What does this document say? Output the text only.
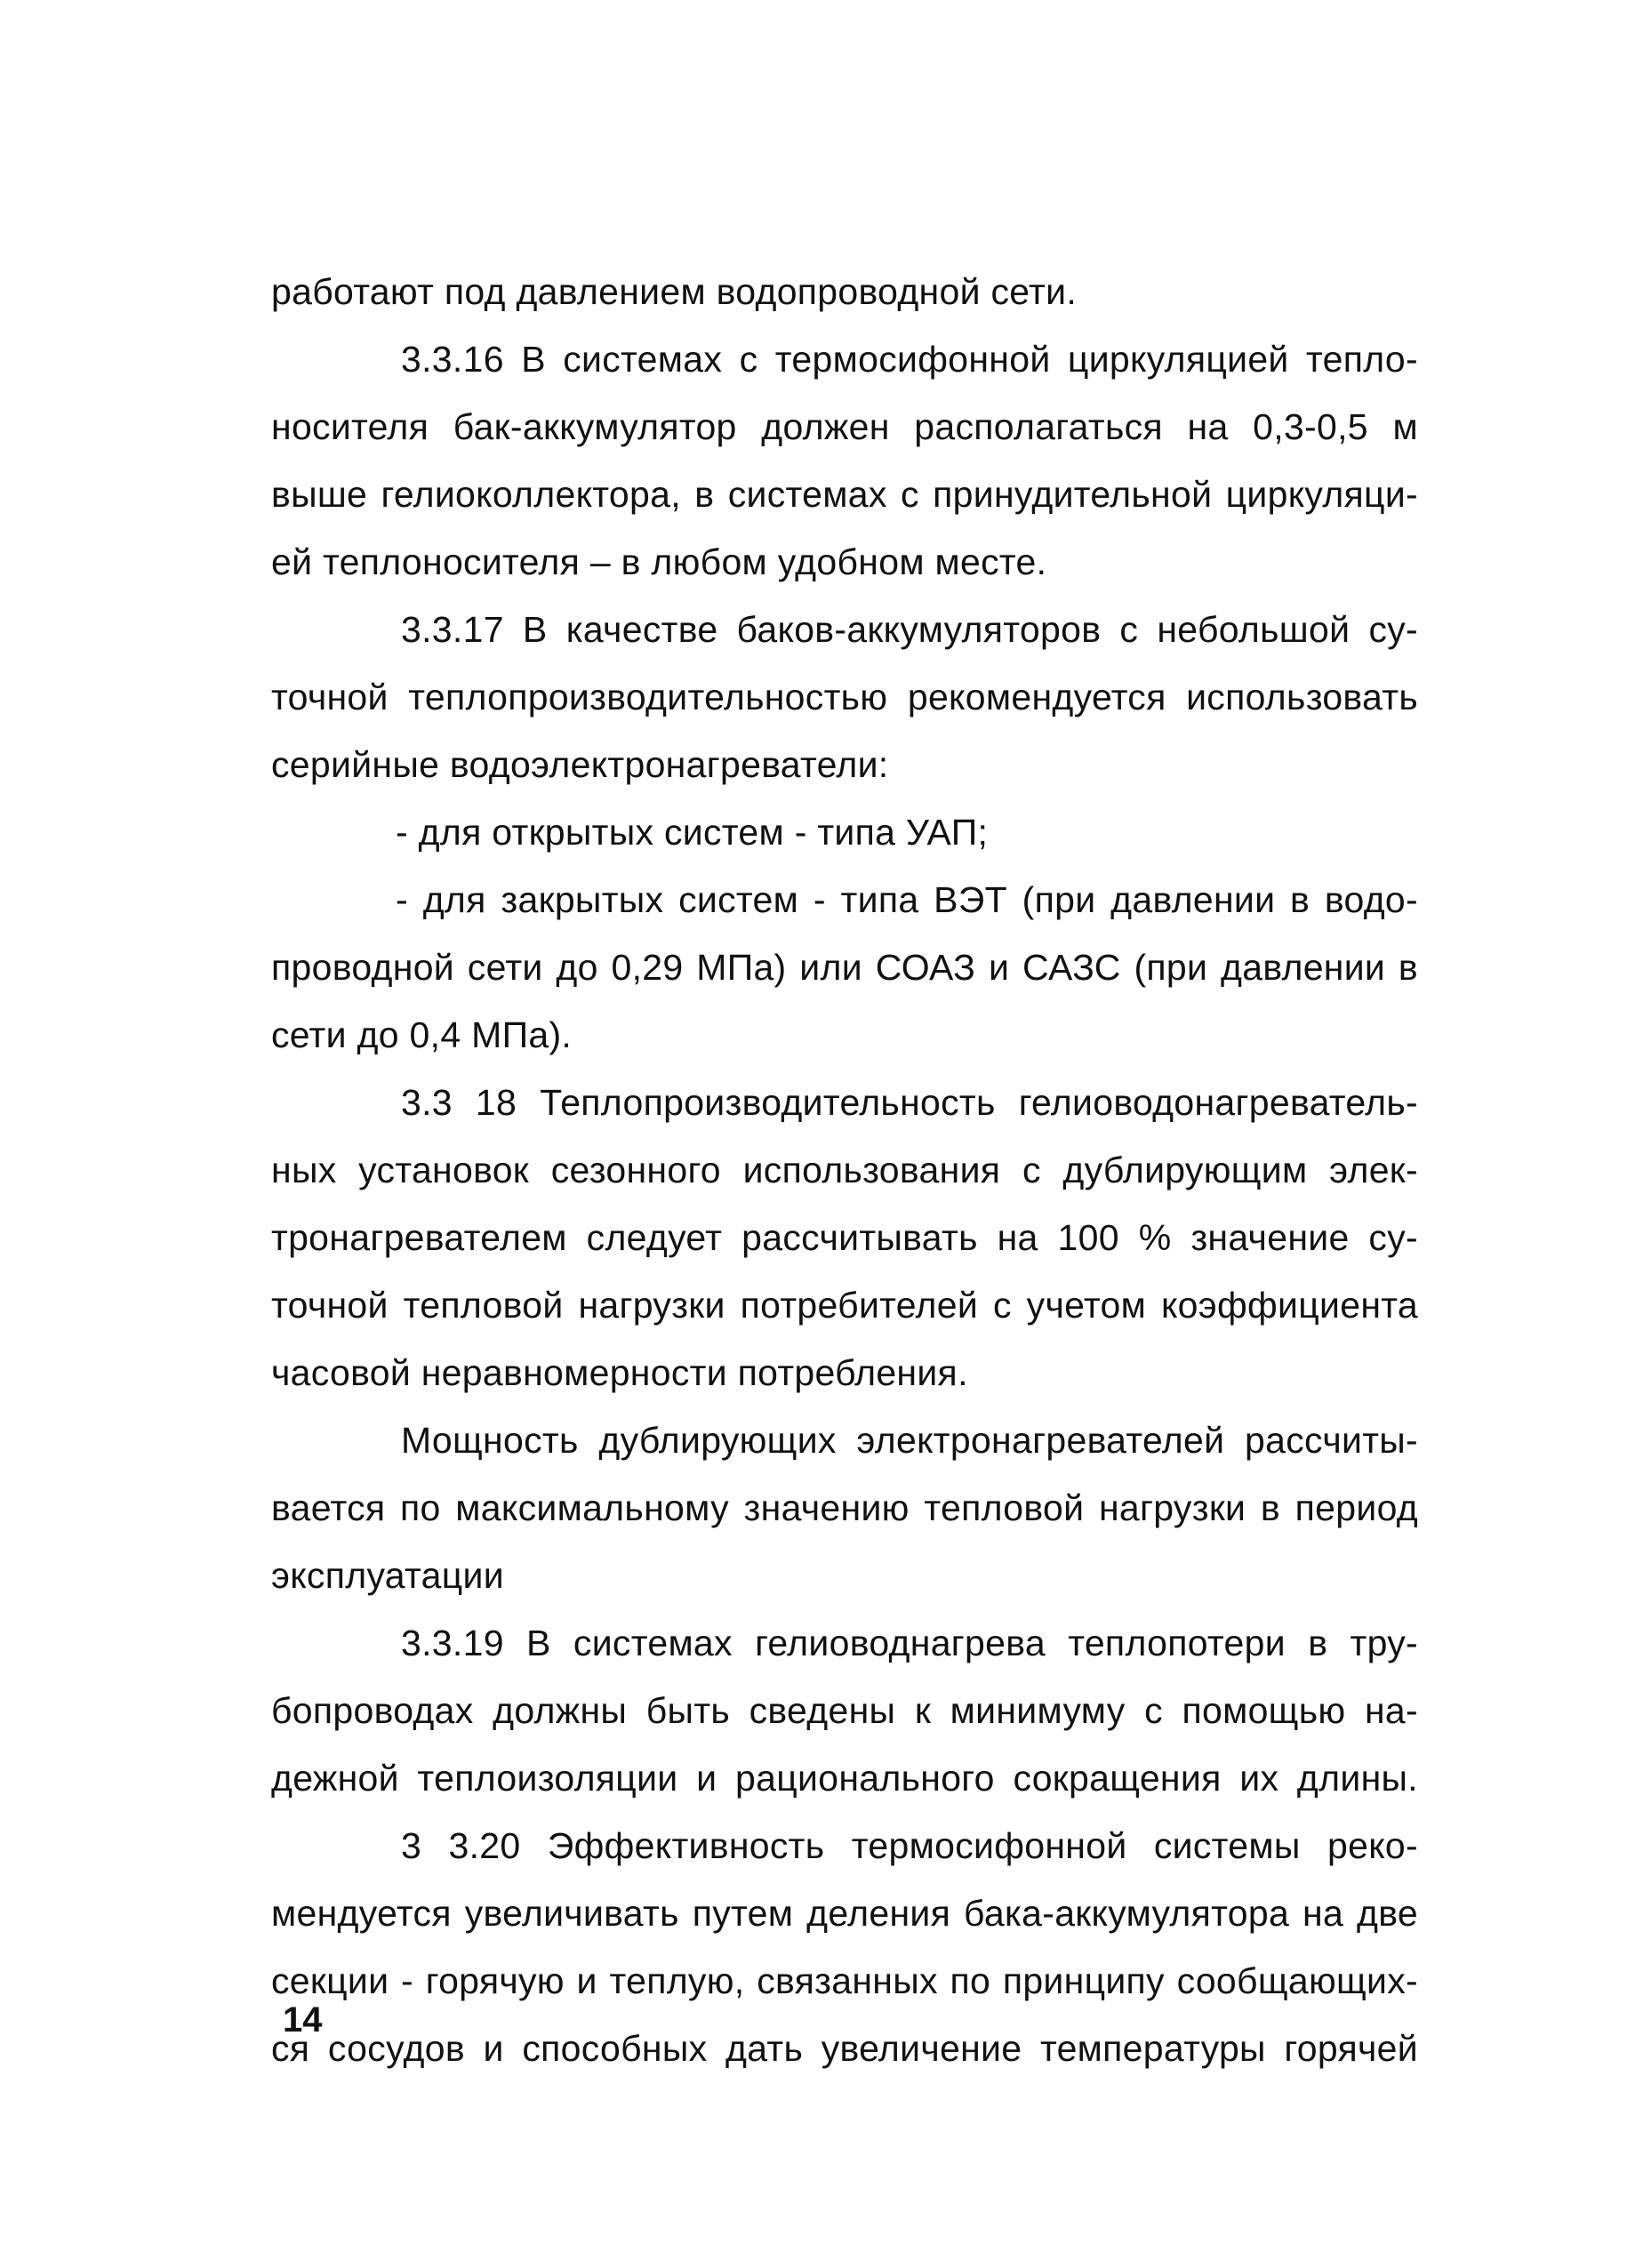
работают под давлением водопроводной сети.
3.3.16 В системах с термосифонной циркуляцией тепло-
носителя бак-аккумулятор должен располагаться на 0,3-0,5 м
выше гелиоколлектора, в системах с принудительной циркуляци-
ей теплоносителя – в любом удобном месте.
3.3.17 В качестве баков-аккумуляторов с небольшой су-
точной теплопроизводительностью рекомендуется использовать
серийные водоэлектронагреватели:
- для открытых систем - типа УАП;
- для закрытых систем - типа ВЭТ (при давлении в водо-
проводной сети до 0,29 МПа) или СОАЗ и САЗС (при давлении в
сети до 0,4 МПа).
3.3 18 Теплопроизводительность гелиоводонагреватель-
ных установок сезонного использования с дублирующим элек-
тронагревателем следует рассчитывать на 100 % значение су-
точной тепловой нагрузки потребителей с учетом коэффициента
часовой неравномерности потребления.
Мощность дублирующих электронагревателей рассчиты-
вается по максимальному значению тепловой нагрузки в период
эксплуатации
3.3.19 В системах гелиоводнагрева теплопотери в тру-
бопроводах должны быть сведены к минимуму с помощью на-
дежной теплоизоляции и рационального сокращения их длины.
3 3.20 Эффективность термосифонной системы реко-
мендуется увеличивать путем деления бака-аккумулятора на две
секции - горячую и теплую, связанных по принципу сообщающих-
ся сосудов и способных дать увеличение температуры горячей
14
